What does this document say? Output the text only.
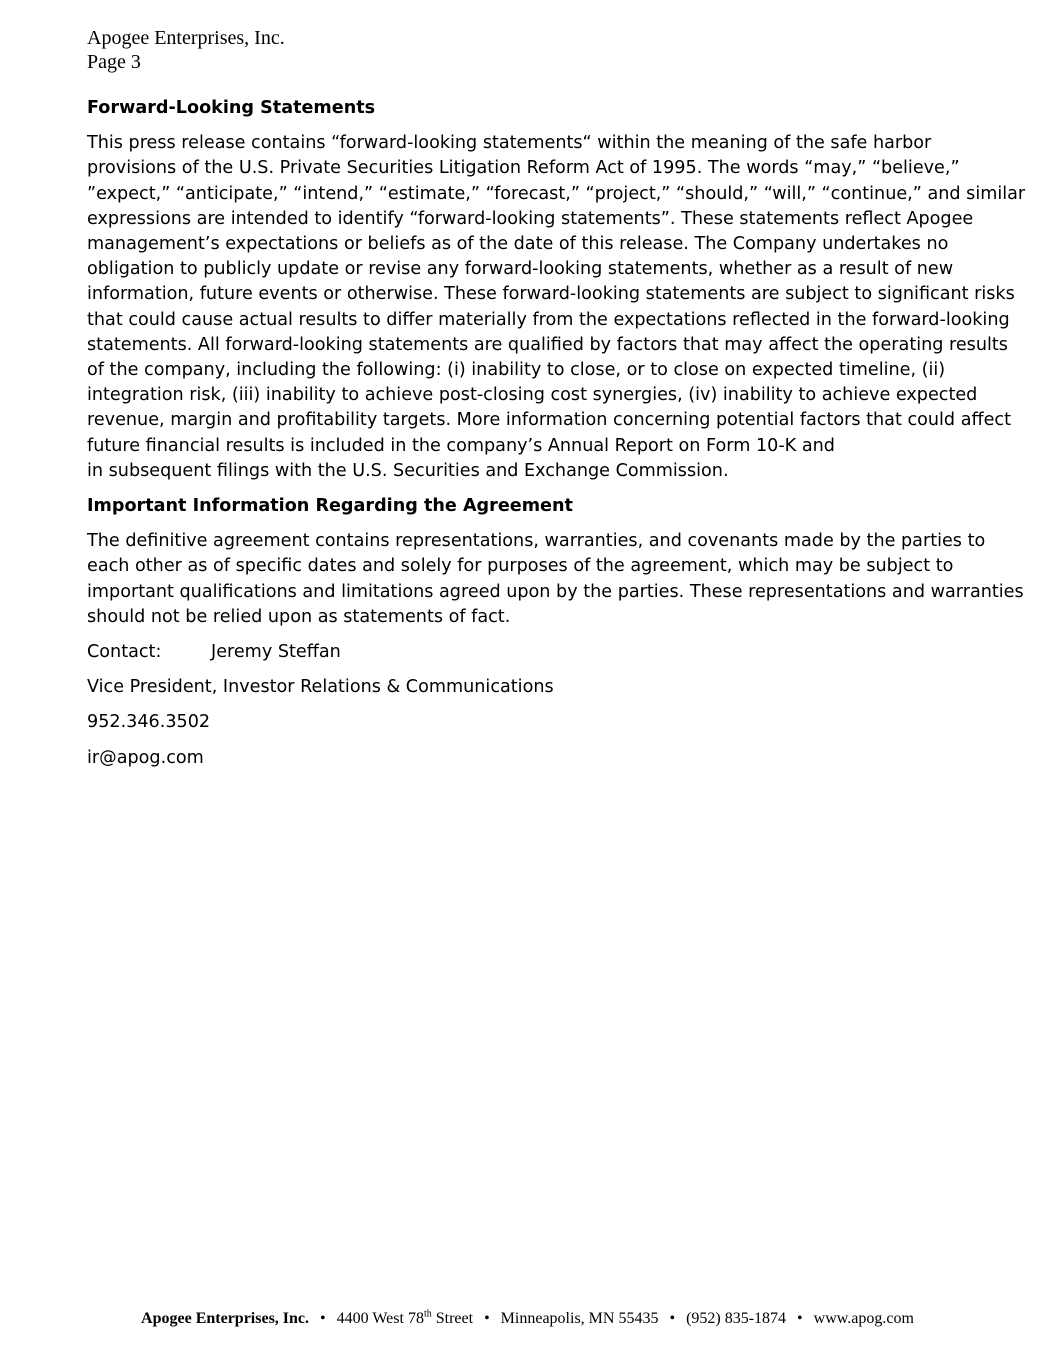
Apogee Enterprises, Inc.
Page 3
Forward-Looking Statements
This press release contains “forward-looking statements“ within the meaning of the safe harbor
provisions of the U.S. Private Securities Litigation Reform Act of 1995. The words “may,” “believe,”
”expect,” “anticipate,” “intend,” “estimate,” “forecast,” “project,” “should,” “will,” “continue,” and similar
expressions are intended to identify “forward-looking statements”. These statements reflect Apogee
management’s expectations or beliefs as of the date of this release. The Company undertakes no
obligation to publicly update or revise any forward-looking statements, whether as a result of new
information, future events or otherwise. These forward-looking statements are subject to significant risks
that could cause actual results to differ materially from the expectations reflected in the forward-looking
statements. All forward-looking statements are qualified by factors that may affect the operating results
of the company, including the following: (i) inability to close, or to close on expected timeline, (ii)
integration risk, (iii) inability to achieve post-closing cost synergies, (iv) inability to achieve expected
revenue, margin and profitability targets. More information concerning potential factors that could affect
future financial results is included in the company’s Annual Report on Form 10-K and
in subsequent filings with the U.S. Securities and Exchange Commission.
Important Information Regarding the Agreement
The definitive agreement contains representations, warranties, and covenants made by the parties to
each other as of specific dates and solely for purposes of the agreement, which may be subject to
important qualifications and limitations agreed upon by the parties. These representations and warranties
should not be relied upon as statements of fact.
Contact:	Jeremy Steffan
Vice President, Investor Relations & Communications
952.346.3502
ir@apog.com
Apogee Enterprises, Inc. • 4400 West 78th Street • Minneapolis, MN 55435 • (952) 835-1874 • www.apog.com
